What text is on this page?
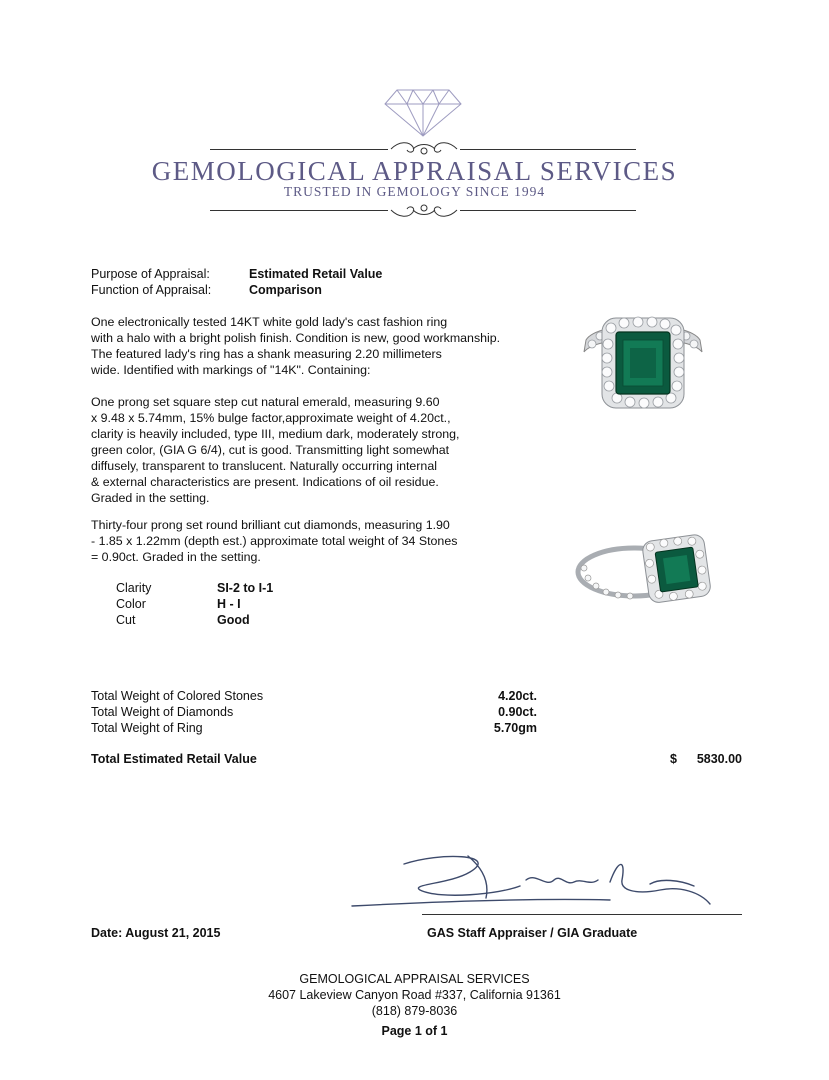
GEMOLOGICAL APPRAISAL SERVICES
TRUSTED IN GEMOLOGY SINCE 1994
Purpose of Appraisal:	Estimated Retail Value
Function of Appraisal:	Comparison
One electronically tested 14KT white gold lady's cast fashion ring
with a halo with a bright polish finish. Condition is new, good workmanship.
The featured lady's ring has a shank measuring 2.20 millimeters
wide. Identified with markings of "14K". Containing:
One prong set square step cut natural emerald, measuring 9.60
x 9.48 x 5.74mm, 15% bulge factor,approximate weight of 4.20ct.,
clarity is heavily included, type III, medium dark, moderately strong,
green color, (GIA G 6/4), cut is good. Transmitting light somewhat
diffusely, transparent to translucent. Naturally occurring internal
& external characteristics are present. Indications of oil residue.
Graded in the setting.
Thirty-four prong set round brilliant cut diamonds, measuring 1.90
- 1.85 x 1.22mm (depth est.) approximate total weight of 34 Stones
= 0.90ct. Graded in the setting.
Clarity	SI-2 to I-1
Color	H - I
Cut	Good
Total Weight of Colored Stones	4.20ct.
Total Weight of Diamonds	0.90ct.
Total Weight of Ring	5.70gm
Total Estimated Retail Value	$	5830.00
Date: August 21, 2015	GAS Staff Appraiser / GIA Graduate
GEMOLOGICAL APPRAISAL SERVICES
4607 Lakeview Canyon Road #337, California 91361
(818) 879-8036
Page 1 of 1
